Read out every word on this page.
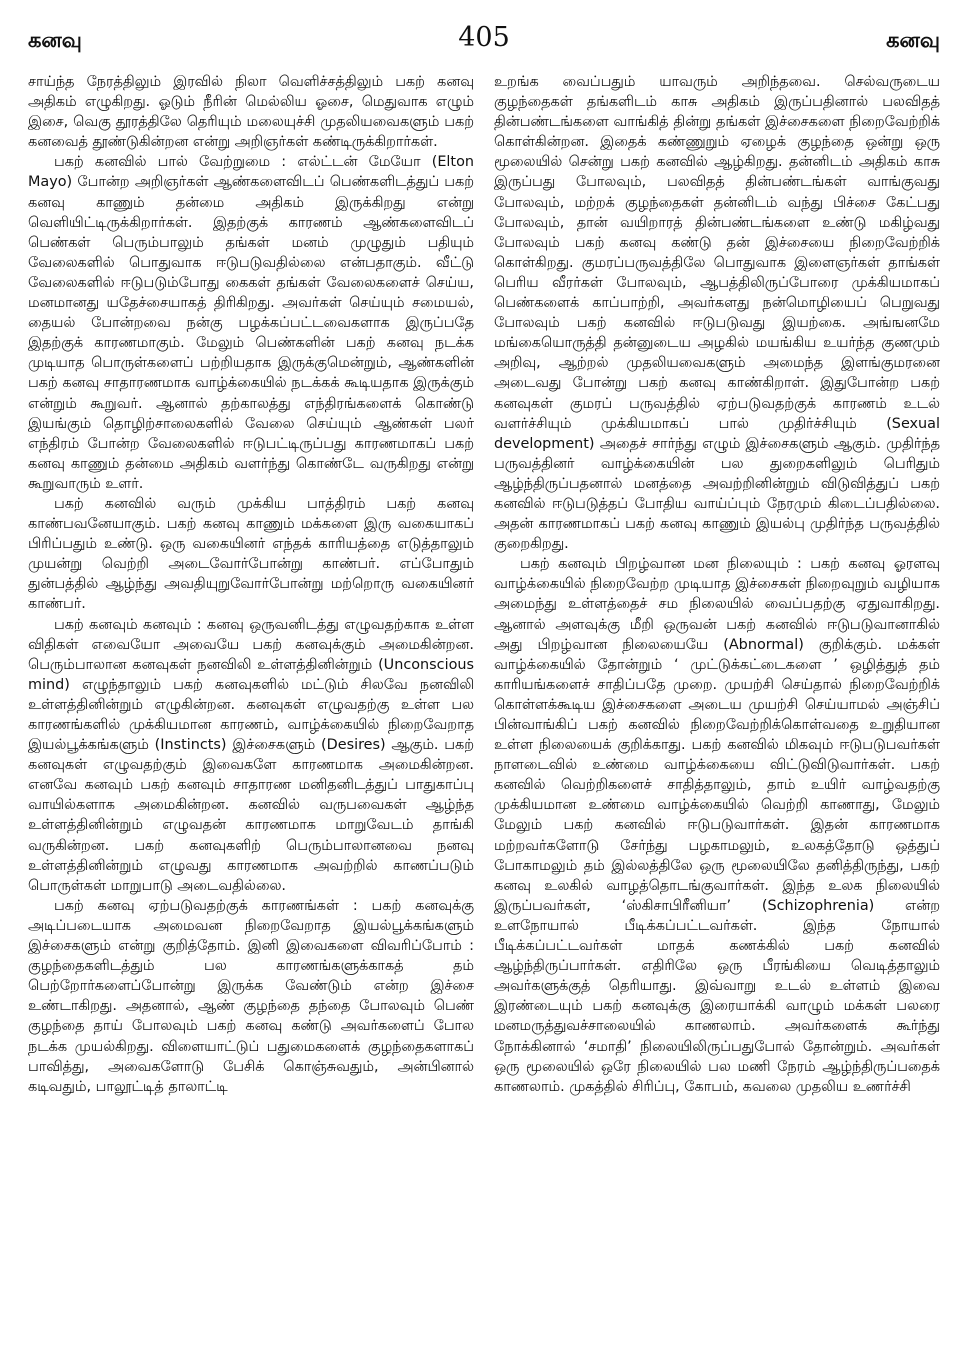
கனவு	405	கனவு

சாய்ந்த நேரத்திலும் இரவில் நிலா வெளிச்சத்திலும் பகற் கனவு அதிகம் எழுகிறது. ஓடும் நீரின் மெல்லிய ஓசை, மெதுவாக எழும் இசை, வெகு தூரத்திலே தெரியும் மலையுச்சி முதலியவைகளும் பகற் கனவைத் தூண்டுகின்றன என்று அறிஞர்கள் கண்டிருக்கிறார்கள்.

பகற் கனவில் பால் வேற்றுமை : எல்ட்டன் மேயோ (Elton Mayo) போன்ற அறிஞர்கள் ஆண்களைவிடப் பெண்களிடத்துப் பகற் கனவு காணும் தன்மை அதிகம் இருக்கிறது என்று வெளியிட்டிருக்கிறார்கள். இதற்குக் காரணம் ஆண்களைவிடப் பெண்கள் பெரும்பாலும் தங்கள் மனம் முழுதும் பதியும் வேலைகளில் பொதுவாக ஈடுபடுவதில்லை என்பதாகும். வீட்டு வேலைகளில் ஈடுபடும்போது கைகள் தங்கள் வேலைகளைச் செய்ய, மனமானது யதேச்சையாகத் திரிகிறது. அவர்கள் செய்யும் சமையல், தையல் போன்றவை நன்கு பழக்கப்பட்டவைகளாக இருப்பதே இதற்குக் காரணமாகும். மேலும் பெண்களின் பகற் கனவு நடக்க முடியாத பொருள்களைப் பற்றியதாக இருக்குமென்றும், ஆண்களின் பகற் கனவு சாதாரணமாக வாழ்க்கையில் நடக்கக் கூடியதாக இருக்கும் என்றும் கூறுவர். ஆனால் தற்காலத்து எந்திரங்களைக் கொண்டு இயங்கும் தொழிற்சாலைகளில் வேலை செய்யும் ஆண்கள் பலர் எந்திரம் போன்ற வேலைகளில் ஈடுபட்டிருப்பது காரணமாகப் பகற் கனவு காணும் தன்மை அதிகம் வளர்ந்து கொண்டே வருகிறது என்று கூறுவாரும் உளர்.

பகற் கனவில் வரும் முக்கிய பாத்திரம் பகற் கனவு காண்பவனேயாகும். பகற் கனவு காணும் மக்களை இரு வகையாகப் பிரிப்பதும் உண்டு. ஒரு வகையினர் எந்தக் காரியத்தை எடுத்தாலும் முயன்று வெற்றி அடைவோர்போன்று காண்பர். எப்போதும் துன்பத்தில் ஆழ்ந்து அவதியுறுவோர்போன்று மற்றொரு வகையினர் காண்பர்.

பகற் கனவும் கனவும் : கனவு ஒருவனிடத்து எழுவதற்காக உள்ள விதிகள் எவையோ அவையே பகற் கனவுக்கும் அமைகின்றன. பெரும்பாலான கனவுகள் நனவிலி உள்ளத்தினின்றும் (Unconscious mind) எழுந்தாலும் பகற் கனவுகளில் மட்டும் சிலவே நனவிலி உள்ளத்தினின்றும் எழுகின்றன. கனவுகள் எழுவதற்கு உள்ள பல காரணங்களில் முக்கியமான காரணம், வாழ்க்கையில் நிறைவேறாத இயல்பூக்கங்களும் (Instincts) இச்சைகளும் (Desires) ஆகும். பகற் கனவுகள் எழுவதற்கும் இவைகளே காரணமாக அமைகின்றன. எனவே கனவும் பகற் கனவும் சாதாரண மனிதனிடத்துப் பாதுகாப்பு வாயில்களாக அமைகின்றன. கனவில் வருபவைகள் ஆழ்ந்த உள்ளத்தினின்றும் எழுவதன் காரணமாக மாறுவேடம் தாங்கி வருகின்றன. பகற் கனவுகளிற் பெரும்பாலானவை நனவு உள்ளத்தினின்றும் எழுவது காரணமாக அவற்றில் காணப்படும் பொருள்கள் மாறுபாடு அடைவதில்லை.

பகற் கனவு ஏற்படுவதற்குக் காரணங்கள் : பகற் கனவுக்கு அடிப்படையாக அமைவன நிறைவேறாத இயல்பூக்கங்களும் இச்சைகளும் என்று குறித்தோம். இனி இவைகளை விவரிப்போம் : குழந்தைகளிடத்தும் பல காரணங்களுக்காகத் தம் பெற்றோர்களைப்போன்று இருக்க வேண்டும் என்ற இச்சை உண்டாகிறது. அதனால், ஆண் குழந்தை தந்தை போலவும் பெண் குழந்தை தாய் போலவும் பகற் கனவு கண்டு அவர்களைப் போல நடக்க முயல்கிறது. விளையாட்டுப் பதுமைகளைக் குழந்தைகளாகப் பாவித்து, அவைகளோடு பேசிக் கொஞ்சுவதும், அன்பினால் கடிவதும், பாலூட்டித் தாலாட்டி

உறங்க வைப்பதும் யாவரும் அறிந்தவை. செல்வருடைய குழந்தைகள் தங்களிடம் காசு அதிகம் இருப்பதினால் பலவிதத் தின்பண்டங்களை வாங்கித் தின்று தங்கள் இச்சைகளை நிறைவேற்றிக் கொள்கின்றன. இதைக் கண்ணுறும் ஏழைக் குழந்தை ஒன்று ஒரு மூலையில் சென்று பகற் கனவில் ஆழ்கிறது. தன்னிடம் அதிகம் காசு இருப்பது போலவும், பலவிதத் தின்பண்டங்கள் வாங்குவது போலவும், மற்றக் குழந்தைகள் தன்னிடம் வந்து பிச்சை கேட்பது போலவும், தான் வயிறாரத் தின்பண்டங்களை உண்டு மகிழ்வது போலவும் பகற் கனவு கண்டு தன் இச்சையை நிறைவேற்றிக் கொள்கிறது. குமரப்பருவத்திலே பொதுவாக இளைஞர்கள் தாங்கள் பெரிய வீரர்கள் போலவும், ஆபத்திலிருப்போரை முக்கியமாகப் பெண்களைக் காப்பாற்றி, அவர்களது நன்மொழியைப் பெறுவது போலவும் பகற் கனவில் ஈடுபடுவது இயற்கை. அங்ஙனமே மங்கையொருத்தி தன்னுடைய அழகில் மயங்கிய உயர்ந்த குணமும் அறிவு, ஆற்றல் முதலியவைகளும் அமைந்த இளங்குமரனை அடைவது போன்று பகற் கனவு காண்கிறாள். இதுபோன்ற பகற் கனவுகள் குமரப் பருவத்தில் ஏற்படுவதற்குக் காரணம் உடல் வளர்ச்சியும் முக்கியமாகப் பால் முதிர்ச்சியும் (Sexual development) அதைச் சார்ந்து எழும் இச்சைகளும் ஆகும். முதிர்ந்த பருவத்தினர் வாழ்க்கையின் பல துறைகளிலும் பெரிதும் ஆழ்ந்திருப்பதனால் மனத்தை அவற்றினின்றும் விடுவித்துப் பகற் கனவில் ஈடுபடுத்தப் போதிய வாய்ப்பும் நேரமும் கிடைப்பதில்லை. அதன் காரணமாகப் பகற் கனவு காணும் இயல்பு முதிர்ந்த பருவத்தில் குறைகிறது.

பகற் கனவும் பிறழ்வான மன நிலையும் : பகற் கனவு ஓரளவு வாழ்க்கையில் நிறைவேற்ற முடியாத இச்சைகள் நிறைவுறும் வழியாக அமைந்து உள்ளத்தைச் சம நிலையில் வைப்பதற்கு ஏதுவாகிறது. ஆனால் அளவுக்கு மீறி ஒருவன் பகற் கனவில் ஈடுபடுவானாகில் அது பிறழ்வான நிலையையே (Abnormal) குறிக்கும். மக்கள் வாழ்க்கையில் தோன்றும் ‘ முட்டுக்கட்டைகளை ’ ஒழித்துத் தம் காரியங்களைச் சாதிப்பதே முறை. முயற்சி செய்தால் நிறைவேற்றிக் கொள்ளக்கூடிய இச்சைகளை அடைய முயற்சி செய்யாமல் அஞ்சிப் பின்வாங்கிப் பகற் கனவில் நிறைவேற்றிக்கொள்வதை உறுதியான உள்ள நிலையைக் குறிக்காது. பகற் கனவில் மிகவும் ஈடுபடுபவர்கள் நாளடைவில் உண்மை வாழ்க்கையை விட்டுவிடுவார்கள். பகற் கனவில் வெற்றிகளைச் சாதித்தாலும், தாம் உயிர் வாழ்வதற்கு முக்கியமான உண்மை வாழ்க்கையில் வெற்றி காணாது, மேலும் மேலும் பகற் கனவில் ஈடுபடுவார்கள். இதன் காரணமாக மற்றவர்களோடு சேர்ந்து பழகாமலும், உலகத்தோடு ஒத்துப் போகாமலும் தம் இல்லத்திலே ஒரு மூலையிலே தனித்திருந்து, பகற் கனவு உலகில் வாழத்தொடங்குவார்கள். இந்த உலக நிலையில் இருப்பவர்கள், ‘ஸ்கிசாபிரீனியா’ (Schizophrenia) என்ற உளநோயால் பீடிக்கப்பட்டவர்கள். இந்த நோயால் பீடிக்கப்பட்டவர்கள் மாதக் கணக்கில் பகற் கனவில் ஆழ்ந்திருப்பார்கள். எதிரிலே ஒரு பீரங்கியை வெடித்தாலும் அவர்களுக்குத் தெரியாது. இவ்வாறு உடல் உள்ளம் இவை இரண்டையும் பகற் கனவுக்கு இரையாக்கி வாழும் மக்கள் பலரை மனமருத்துவச்சாலையில் காணலாம். அவர்களைக் கூர்ந்து நோக்கினால் ‘சமாதி’ நிலையிலிருப்பதுபோல் தோன்றும். அவர்கள் ஒரு மூலையில் ஒரே நிலையில் பல மணி நேரம் ஆழ்ந்திருப்பதைக் காணலாம். முகத்தில் சிரிப்பு, கோபம், கவலை முதலிய உணர்ச்சி
